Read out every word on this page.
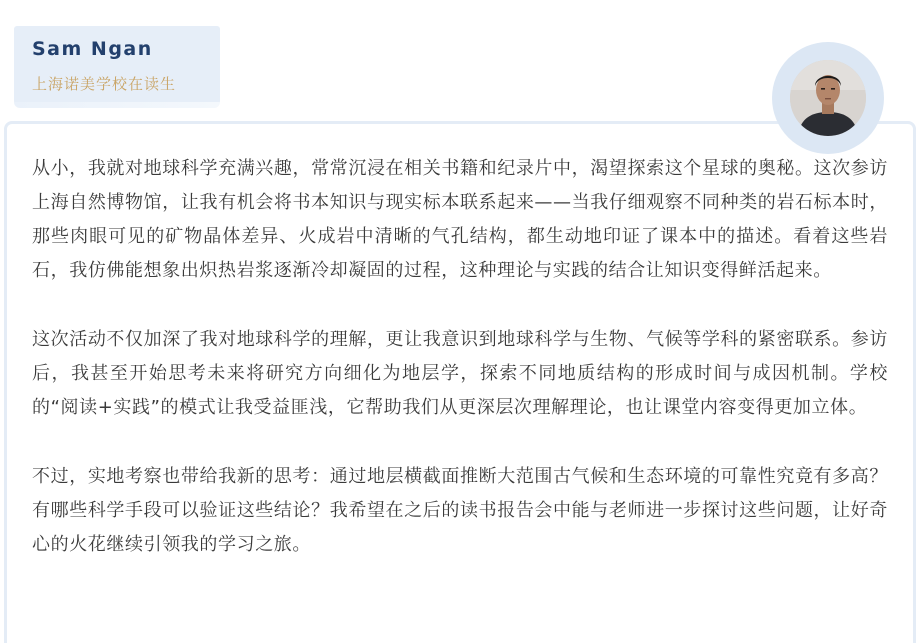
Sam Ngan
上海诺美学校在读生

从小，我就对地球科学充满兴趣，常常沉浸在相关书籍和纪录片中，渴望探索这个星球的奥秘。这次参访上海自然博物馆，让我有机会将书本知识与现实标本联系起来——当我仔细观察不同种类的岩石标本时，那些肉眼可见的矿物晶体差异、火成岩中清晰的气孔结构，都生动地印证了课本中的描述。看着这些岩石，我仿佛能想象出炽热岩浆逐渐冷却凝固的过程，这种理论与实践的结合让知识变得鲜活起来。

这次活动不仅加深了我对地球科学的理解，更让我意识到地球科学与生物、气候等学科的紧密联系。参访后，我甚至开始思考未来将研究方向细化为地层学，探索不同地质结构的形成时间与成因机制。学校的“阅读+实践”的模式让我受益匪浅，它帮助我们从更深层次理解理论，也让课堂内容变得更加立体。

不过，实地考察也带给我新的思考：通过地层横截面推断大范围古气候和生态环境的可靠性究竟有多高？有哪些科学手段可以验证这些结论？我希望在之后的读书报告会中能与老师进一步探讨这些问题，让好奇心的火花继续引领我的学习之旅。
